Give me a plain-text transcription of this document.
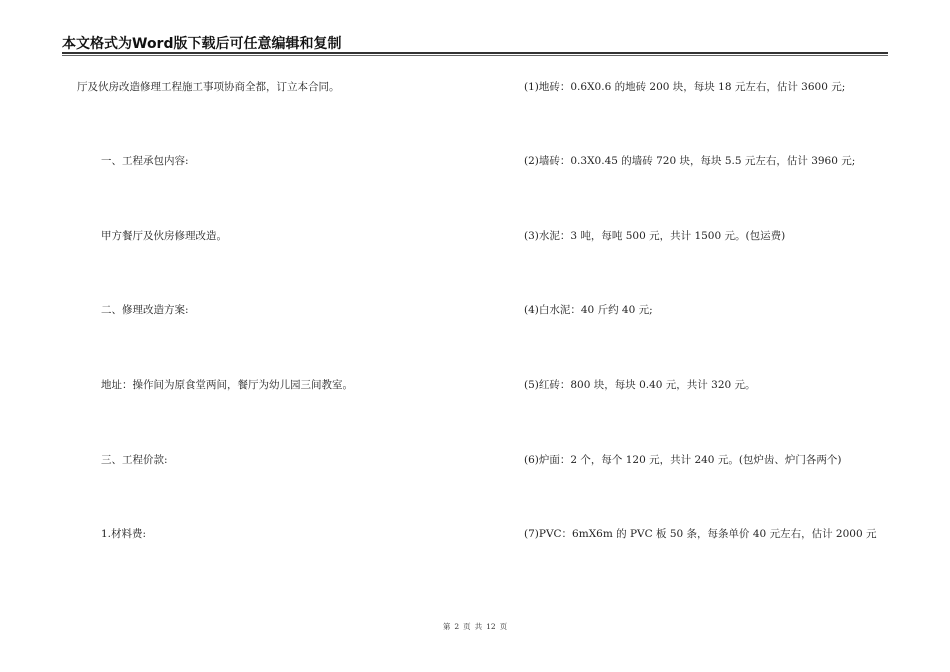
本文格式为Word版下载后可任意编辑和复制
厅及伙房改造修理工程施工事项协商全都，订立本合同。
一、工程承包内容:
甲方餐厅及伙房修理改造。
二、修理改造方案:
地址：操作间为原食堂两间，餐厅为幼儿园三间教室。
三、工程价款:
1.材料费:
(1)地砖：0.6X0.6 的地砖 200 块，每块 18 元左右，估计 3600 元;
(2)墙砖：0.3X0.45 的墙砖 720 块，每块 5.5 元左右，估计 3960 元;
(3)水泥：3 吨，每吨 500 元，共计 1500 元。(包运费)
(4)白水泥：40 斤约 40 元;
(5)红砖：800 块，每块 0.40 元，共计 320 元。
(6)炉面：2 个，每个 120 元，共计 240 元。(包炉齿、炉门各两个)
(7)PVC：6mX6m 的 PVC 板 50 条，每条单价 40 元左右，估计 2000 元
第 2 页 共 12 页
